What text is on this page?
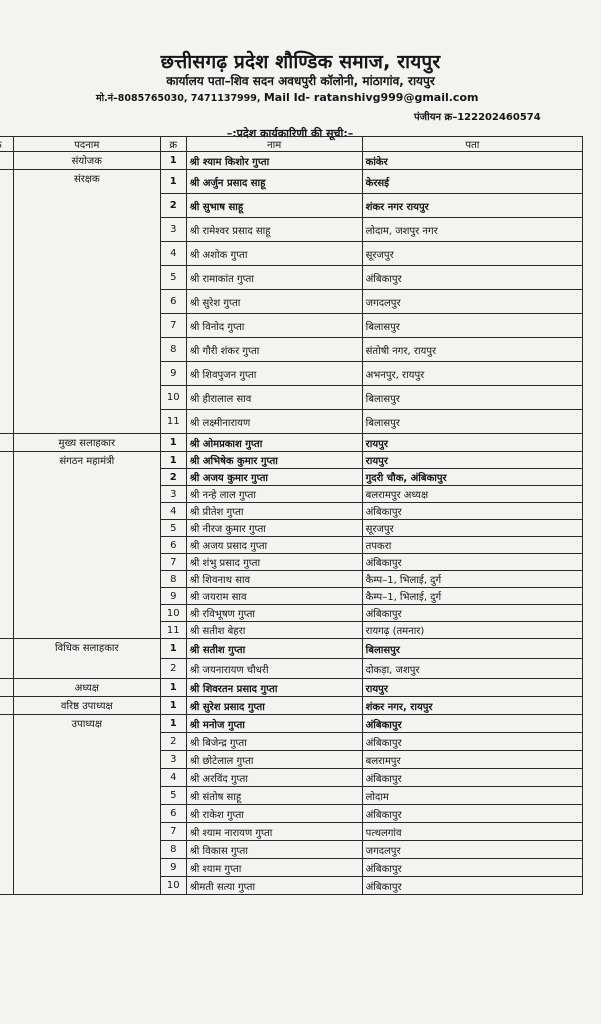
छत्तीसगढ़ प्रदेश शौण्डिक समाज, रायपुर
कार्यालय पता–शिव सदन अवधपुरी कॉलोनी, मांठागांव, रायपुर
मो.नं–8085765030, 7471137999, Mail Id- ratanshivg999@gmail.com
पंजीयन क्र–122202460574
–:प्रदेश कार्यकारिणी की सूची:–
	पदनाम	क्र	नाम	पता

	संयोजक	1	श्री श्याम किशोर गुप्ता	कांकेर

	संरक्षक	1	श्री अर्जुन प्रसाद साहू	केरसई
		2	श्री सुभाष साहू	शंकर नगर रायपुर
		3	श्री रामेश्वर प्रसाद साहू	लोदाम, जशपुर नगर
		4	श्री अशोक गुप्ता	सूरजपुर
		5	श्री रामाकांत गुप्ता	अंबिकापुर
		6	श्री सुरेश गुप्ता	जगदलपुर
		7	श्री विनोद गुप्ता	बिलासपुर
		8	श्री गौरी शंकर गुप्ता	संतोषी नगर, रायपुर
		9	श्री शिवपुजन गुप्ता	अभनपुर, रायपुर
		10	श्री हीरालाल साव	बिलासपुर
		11	श्री लक्ष्मीनारायण	बिलासपुर

	मुख्य सलाहकार	1	श्री ओमप्रकाश गुप्ता	रायपुर

	संगठन महामंत्री	1	श्री अभिषेक कुमार गुप्ता	रायपुर
		2	श्री अजय कुमार गुप्ता	गुदरी चौक, अंबिकापुर
		3	श्री नन्हे लाल गुप्ता	बलरामपुर अध्यक्ष
		4	श्री प्रीतेश गुप्ता	अंबिकापुर
		5	श्री नीरज कुमार गुप्ता	सूरजपुर
		6	श्री अजय प्रसाद गुप्ता	तपकरा
		7	श्री शंभु प्रसाद गुप्ता	अंबिकापुर
		8	श्री शिवनाथ साव	कैम्प–1, भिलाई, दुर्ग
		9	श्री जयराम साव	कैम्प–1, भिलाई, दुर्ग
		10	श्री रविभूषण गुप्ता	अंबिकापुर
		11	श्री सतीश बेहरा	रायगढ़ (तमनार)

	विधिक सलाहकार	1	श्री सतीश गुप्ता	बिलासपुर
		2	श्री जयनारायण चौधरी	दोकड़ा, जशपुर

	अध्यक्ष	1	श्री शिवरतन प्रसाद गुप्ता	रायपुर

	वरिष्ठ उपाध्यक्ष	1	श्री सुरेश प्रसाद गुप्ता	शंकर नगर, रायपुर

	उपाध्यक्ष	1	श्री मनोज गुप्ता	अंबिकापुर
		2	श्री बिजेन्द्र गुप्ता	अंबिकापुर
		3	श्री छोटेलाल गुप्ता	बलरामपुर
		4	श्री अरविंद गुप्ता	अंबिकापुर
		5	श्री संतोष साहू	लोदाम
		6	श्री राकेश गुप्ता	अंबिकापुर
		7	श्री श्याम नारायण गुप्ता	पत्थलगांव
		8	श्री विकास गुप्ता	जगदलपुर
		9	श्री श्याम गुप्ता	अंबिकापुर
		10	श्रीमती सत्या गुप्ता	अंबिकापुर
